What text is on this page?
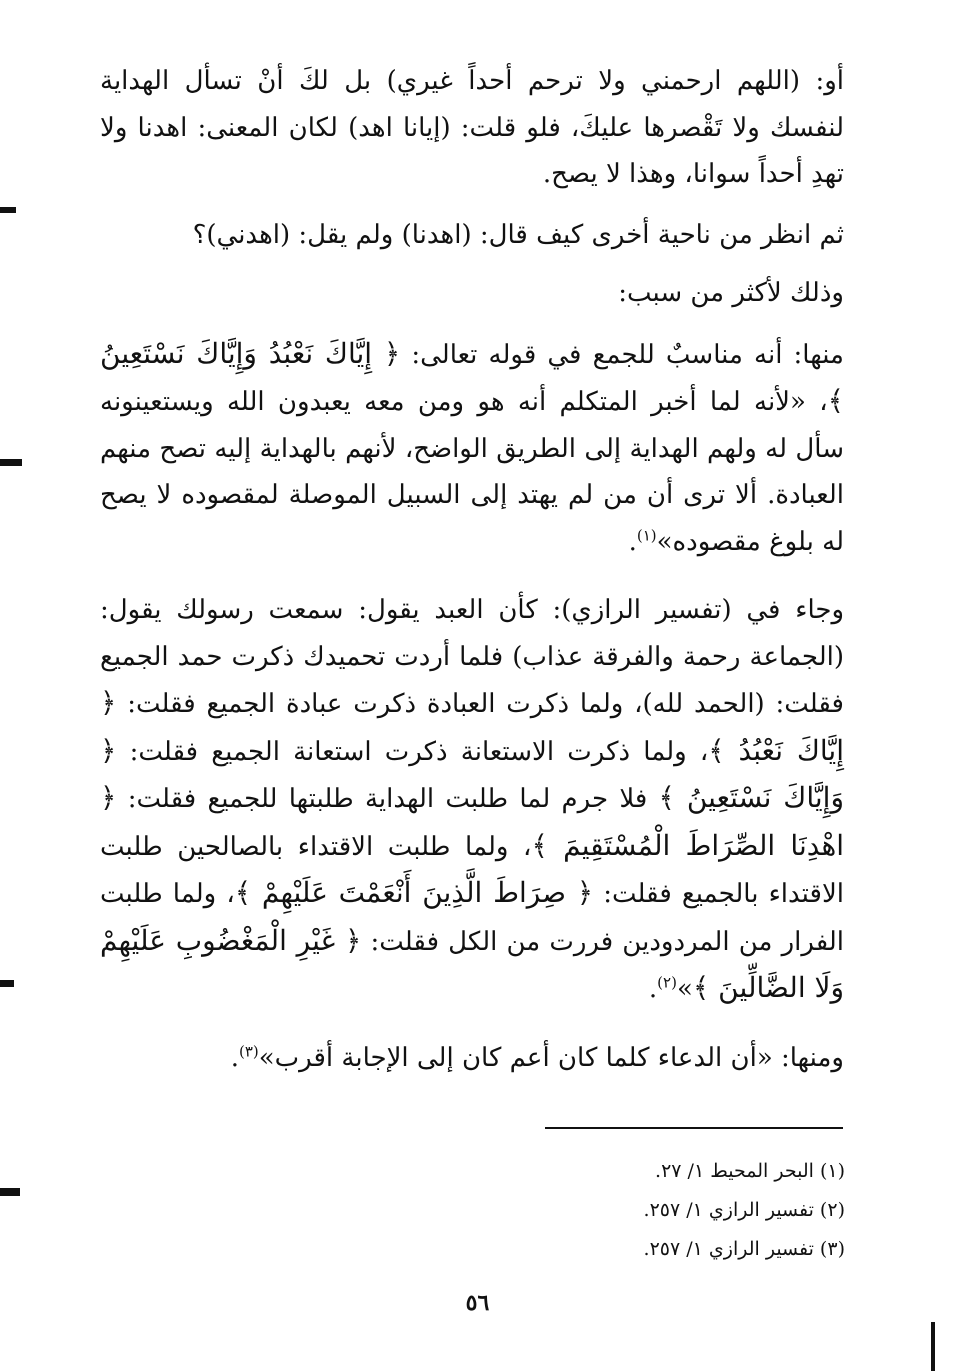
أو: (اللهم ارحمني ولا ترحم أحداً غيري) بل لكَ أنْ تسأل الهداية لنفسك ولا تَقْصرها عليكَ، فلو قلت: (إيانا اهد) لكان المعنى: اهدنا ولا تهدِ أحداً سوانا، وهذا لا يصح.

ثم انظر من ناحية أخرى كيف قال: (اهدنا) ولم يقل: (اهدني)؟

وذلك لأكثر من سبب:

منها: أنه مناسبٌ للجمع في قوله تعالى: ﴿ إِيَّاكَ نَعْبُدُ وَإِيَّاكَ نَسْتَعِينُ ﴾، «لأنه لما أخبر المتكلم أنه هو ومن معه يعبدون الله ويستعينونه سأل له ولهم الهداية إلى الطريق الواضح، لأنهم بالهداية إليه تصح منهم العبادة. ألا ترى أن من لم يهتد إلى السبيل الموصلة لمقصوده لا يصح له بلوغ مقصوده»$^{(١)}$.

وجاء في (تفسير الرازي): كأن العبد يقول: سمعت رسولك يقول: (الجماعة رحمة والفرقة عذاب) فلما أردت تحميدك ذكرت حمد الجميع فقلت: (الحمد لله)، ولما ذكرت العبادة ذكرت عبادة الجميع فقلت: ﴿ إِيَّاكَ نَعْبُدُ ﴾، ولما ذكرت الاستعانة ذكرت استعانة الجميع فقلت: ﴿ وَإِيَّاكَ نَسْتَعِينُ ﴾ فلا جرم لما طلبت الهداية طلبتها للجميع فقلت: ﴿ اهْدِنَا الصِّرَاطَ الْمُسْتَقِيمَ ﴾، ولما طلبت الاقتداء بالصالحين طلبت الاقتداء بالجميع فقلت: ﴿ صِرَاطَ الَّذِينَ أَنْعَمْتَ عَلَيْهِمْ ﴾، ولما طلبت الفرار من المردودين فررت من الكل فقلت: ﴿ غَيْرِ الْمَغْضُوبِ عَلَيْهِمْ وَلَا الضَّالِّينَ ﴾»$^{(٢)}$.

ومنها: «أن الدعاء كلما كان أعم كان إلى الإجابة أقرب»$^{(٣)}$.

(١) البحر المحيط ١/ ٢٧.

(٢) تفسير الرازي ١/ ٢٥٧.

(٣) تفسير الرازي ١/ ٢٥٧.

٥٦
